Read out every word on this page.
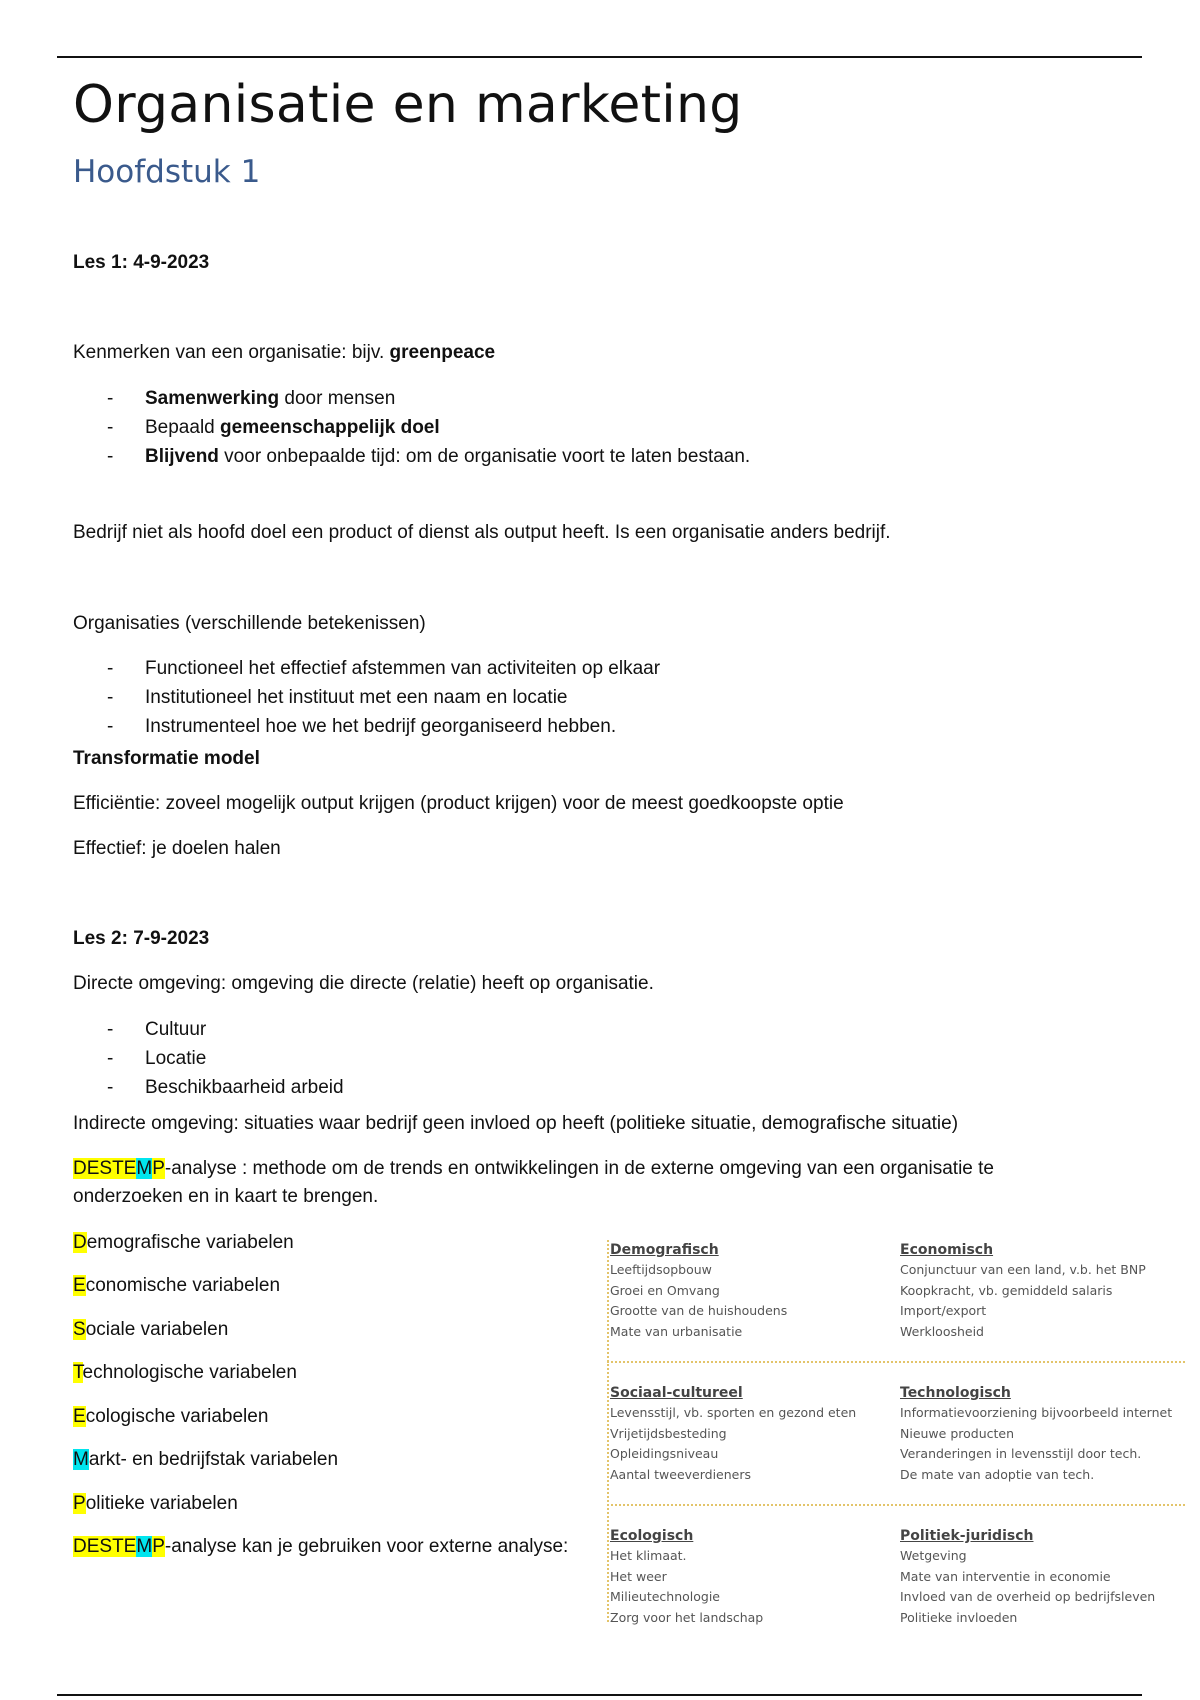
Organisatie en marketing
Hoofdstuk 1

Les 1: 4-9-2023

Kenmerken van een organisatie: bijv. greenpeace

- Samenwerking door mensen
- Bepaald gemeenschappelijk doel
- Blijvend voor onbepaalde tijd: om de organisatie voort te laten bestaan.

Bedrijf niet als hoofd doel een product of dienst als output heeft. Is een organisatie anders bedrijf.

Organisaties (verschillende betekenissen)

- Functioneel het effectief afstemmen van activiteiten op elkaar
- Institutioneel het instituut met een naam en locatie
- Instrumenteel hoe we het bedrijf georganiseerd hebben.

Transformatie model

Efficiëntie: zoveel mogelijk output krijgen (product krijgen) voor de meest goedkoopste optie

Effectief: je doelen halen

Les 2: 7-9-2023

Directe omgeving: omgeving die directe (relatie) heeft op organisatie.

- Cultuur
- Locatie
- Beschikbaarheid arbeid

Indirecte omgeving: situaties waar bedrijf geen invloed op heeft (politieke situatie, demografische situatie)

DESTEMP-analyse : methode om de trends en ontwikkelingen in de externe omgeving van een organisatie te
onderzoeken en in kaart te brengen.

Demografische variabelen

Economische variabelen

Sociale variabelen

Technologische variabelen

Ecologische variabelen

Markt- en bedrijfstak variabelen

Politieke variabelen

DESTEMP-analyse kan je gebruiken voor externe analyse:

Demografisch
Leeftijdsopbouw
Groei en Omvang
Grootte van de huishoudens
Mate van urbanisatie
Economisch
Conjunctuur van een land, v.b. het BNP
Koopkracht, vb. gemiddeld salaris
Import/export
Werkloosheid
Sociaal-cultureel
Levensstijl, vb. sporten en gezond eten
Vrijetijdsbesteding
Opleidingsniveau
Aantal tweeverdieners
Technologisch
Informatievoorziening bijvoorbeeld internet
Nieuwe producten
Veranderingen in levensstijl door tech.
De mate van adoptie van tech.
Ecologisch
Het klimaat.
Het weer
Milieutechnologie
Zorg voor het landschap
Politiek-juridisch
Wetgeving
Mate van interventie in economie
Invloed van de overheid op bedrijfsleven
Politieke invloeden
